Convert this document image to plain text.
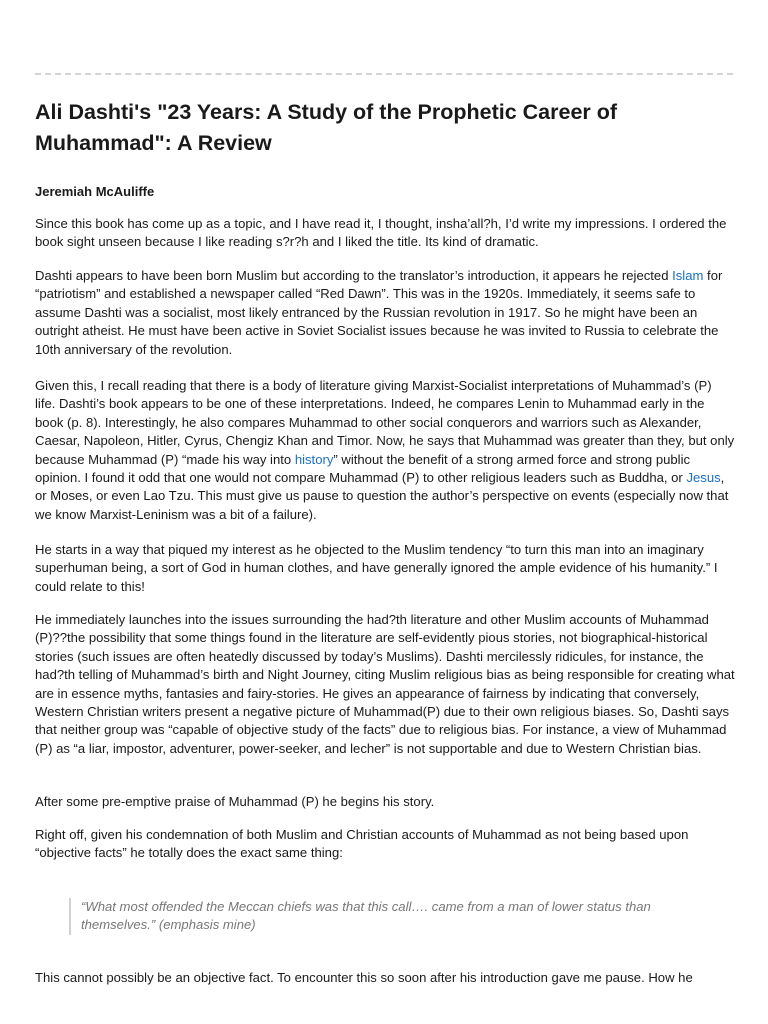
Ali Dashti's "23 Years: A Study of the Prophetic Career of Muhammad": A Review

Jeremiah McAuliffe

Since this book has come up as a topic, and I have read it, I thought, insha’all?h, I’d write my impressions. I ordered the book sight unseen because I like reading s?r?h and I liked the title. Its kind of dramatic.

Dashti appears to have been born Muslim but according to the translator’s introduction, it appears he rejected Islam for “patriotism” and established a newspaper called “Red Dawn”. This was in the 1920s. Immediately, it seems safe to assume Dashti was a socialist, most likely entranced by the Russian revolution in 1917. So he might have been an outright atheist. He must have been active in Soviet Socialist issues because he was invited to Russia to celebrate the 10th anniversary of the revolution.

Given this, I recall reading that there is a body of literature giving Marxist-Socialist interpretations of Muhammad’s (P) life. Dashti’s book appears to be one of these interpretations. Indeed, he compares Lenin to Muhammad early in the book (p. 8). Interestingly, he also compares Muhammad to other social conquerors and warriors such as Alexander, Caesar, Napoleon, Hitler, Cyrus, Chengiz Khan and Timor. Now, he says that Muhammad was greater than they, but only because Muhammad (P) “made his way into history” without the benefit of a strong armed force and strong public opinion. I found it odd that one would not compare Muhammad (P) to other religious leaders such as Buddha, or Jesus, or Moses, or even Lao Tzu. This must give us pause to question the author’s perspective on events (especially now that we know Marxist-Leninism was a bit of a failure).

He starts in a way that piqued my interest as he objected to the Muslim tendency “to turn this man into an imaginary superhuman being, a sort of God in human clothes, and have generally ignored the ample evidence of his humanity.” I could relate to this!

He immediately launches into the issues surrounding the had?th literature and other Muslim accounts of Muhammad (P)??the possibility that some things found in the literature are self-evidently pious stories, not biographical-historical stories (such issues are often heatedly discussed by today’s Muslims). Dashti mercilessly ridicules, for instance, the had?th telling of Muhammad’s birth and Night Journey, citing Muslim religious bias as being responsible for creating what are in essence myths, fantasies and fairy-stories. He gives an appearance of fairness by indicating that conversely, Western Christian writers present a negative picture of Muhammad(P) due to their own religious biases. So, Dashti says that neither group was “capable of objective study of the facts” due to religious bias. For instance, a view of Muhammad (P) as “a liar, impostor, adventurer, power-seeker, and lecher” is not supportable and due to Western Christian bias.

After some pre-emptive praise of Muhammad (P) he begins his story.

Right off, given his condemnation of both Muslim and Christian accounts of Muhammad as not being based upon “objective facts” he totally does the exact same thing:

“What most offended the Meccan chiefs was that this call…. came from a man of lower status than themselves.” (emphasis mine)

This cannot possibly be an objective fact. To encounter this so soon after his introduction gave me pause. How he
